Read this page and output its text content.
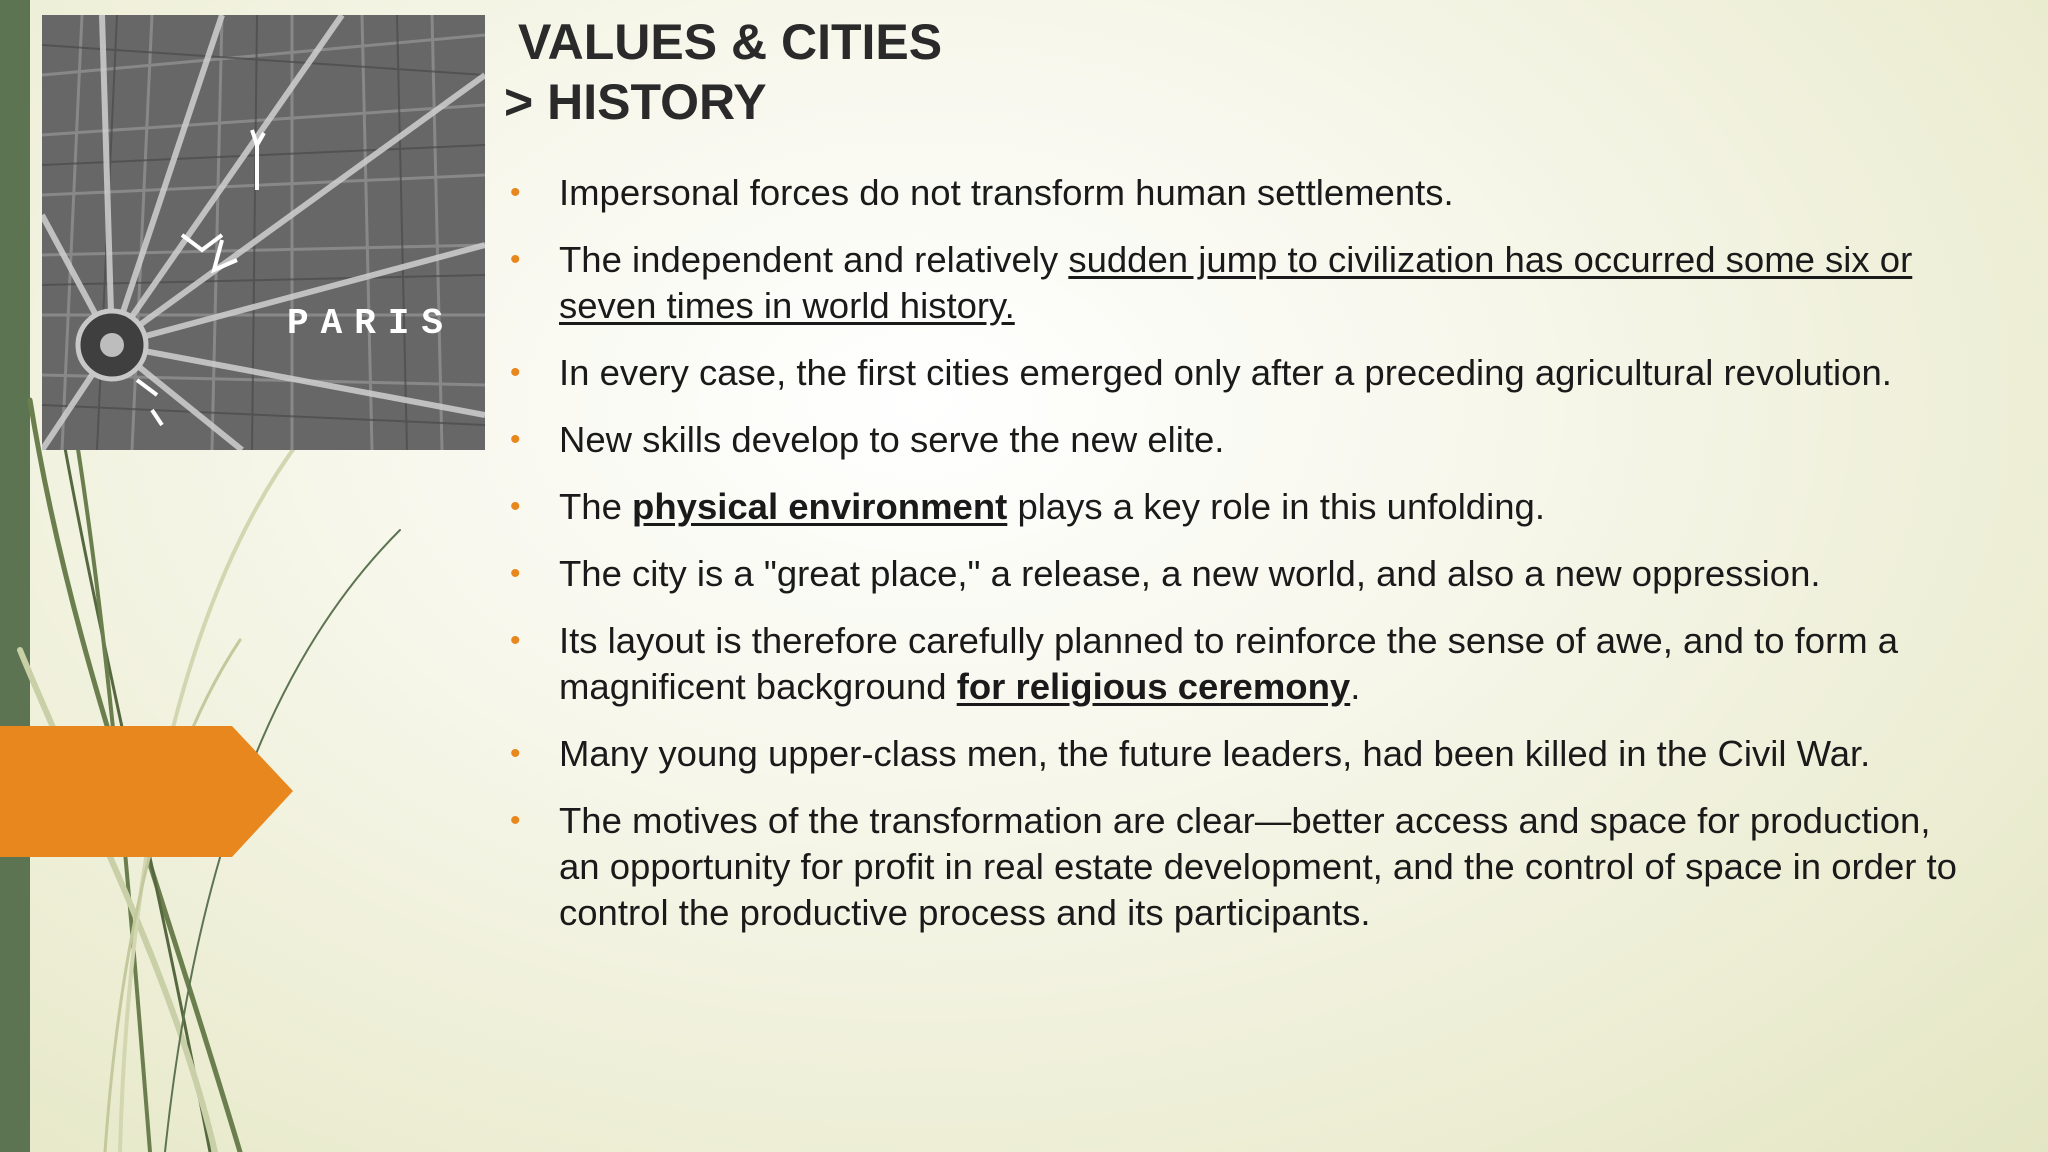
PARIS
VALUES & CITIES
> HISTORY
• Impersonal forces do not transform human settlements.
• The independent and relatively sudden jump to civilization has occurred some six or seven times in world history.
• In every case, the first cities emerged only after a preceding agricultural revolution.
• New skills develop to serve the new elite.
• The physical environment plays a key role in this unfolding.
• The city is a "great place," a release, a new world, and also a new oppression.
• Its layout is therefore carefully planned to reinforce the sense of awe, and to form a magnificent background for religious ceremony.
• Many young upper-class men, the future leaders, had been killed in the Civil War.
• The motives of the transformation are clear—better access and space for production, an opportunity for profit in real estate development, and the control of space in order to control the productive process and its participants.
